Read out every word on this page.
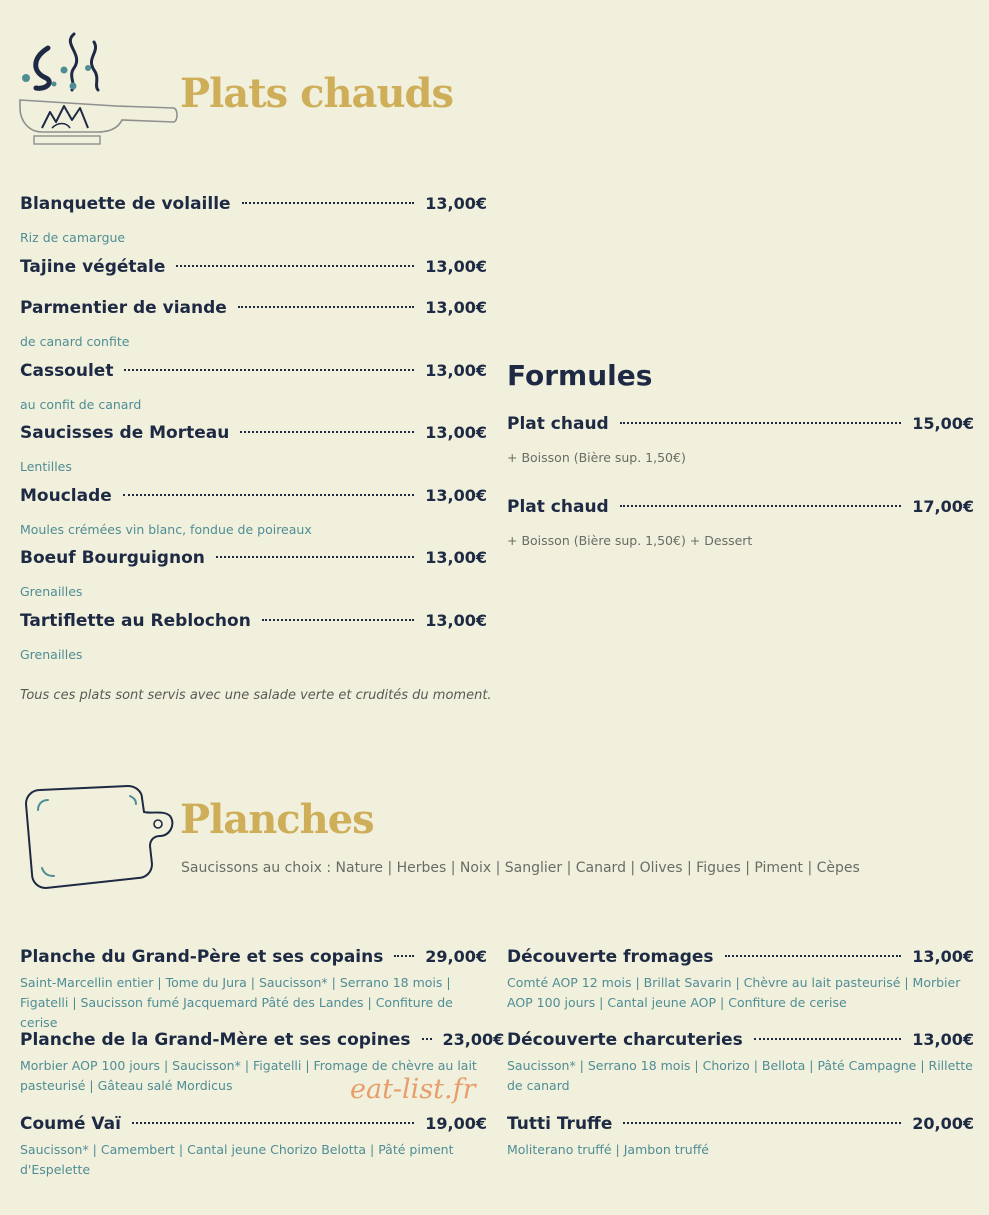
Plats chauds
Blanquette de volaille	13,00€
Riz de camargue
Tajine végétale	13,00€
Parmentier de viande	13,00€
de canard confite
Cassoulet	13,00€
au confit de canard
Saucisses de Morteau	13,00€
Lentilles
Mouclade	13,00€
Moules crémées vin blanc, fondue de poireaux
Boeuf Bourguignon	13,00€
Grenailles
Tartiflette au Reblochon	13,00€
Grenailles
Tous ces plats sont servis avec une salade verte et crudités du moment.
Formules
Plat chaud	15,00€
+ Boisson (Bière sup. 1,50€)
Plat chaud	17,00€
+ Boisson (Bière sup. 1,50€) + Dessert
Planches
Saucissons au choix : Nature | Herbes | Noix | Sanglier | Canard | Olives | Figues | Piment | Cèpes
Planche du Grand-Père et ses copains	29,00€
Saint-Marcellin entier | Tome du Jura | Saucisson* | Serrano 18 mois | Figatelli | Saucisson fumé Jacquemard Pâté des Landes | Confiture de cerise
Planche de la Grand-Mère et ses copines 23,00€
Morbier AOP 100 jours | Saucisson* | Figatelli | Fromage de chèvre au lait pasteurisé | Gâteau salé Mordicus
Coumé Vaï	19,00€
Saucisson* | Camembert | Cantal jeune Chorizo Belotta | Pâté piment d'Espelette
Découverte fromages	13,00€
Comté AOP 12 mois | Brillat Savarin | Chèvre au lait pasteurisé | Morbier AOP 100 jours | Cantal jeune AOP | Confiture de cerise
Découverte charcuteries	13,00€
Saucisson* | Serrano 18 mois | Chorizo | Bellota | Pâté Campagne | Rillette de canard
Tutti Truffe	20,00€
Moliterano truffé | Jambon truffé
eat-list.fr
